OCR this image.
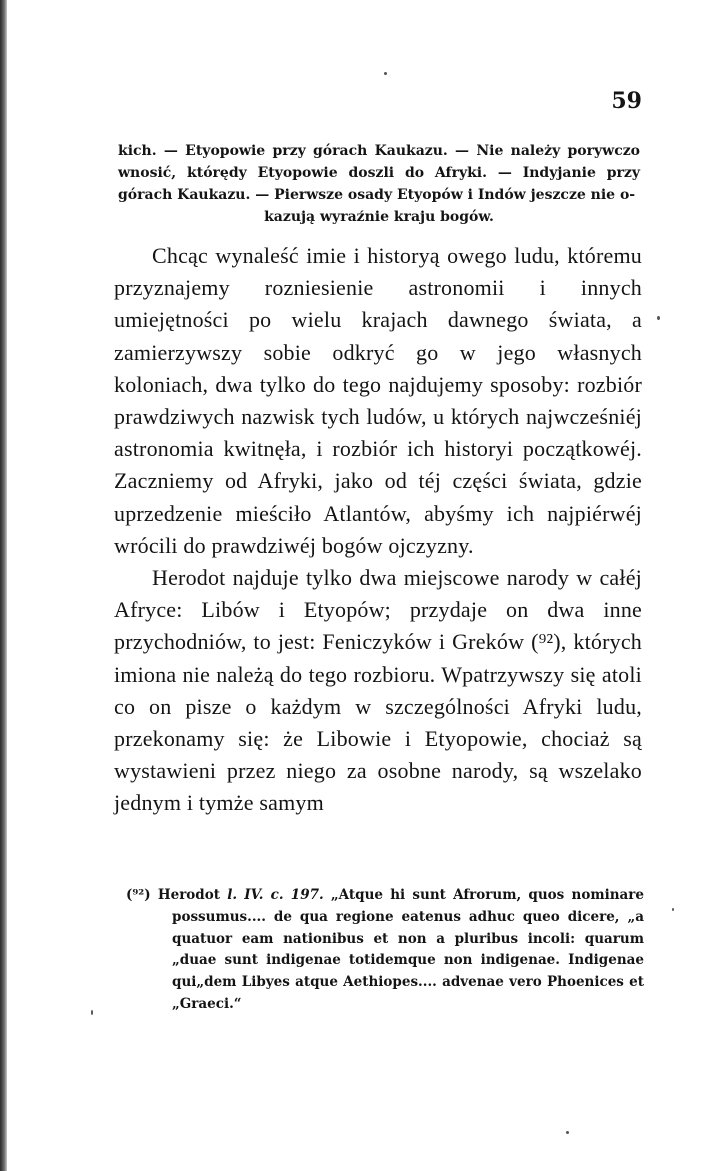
59

kich. — Etyopowie przy górach Kaukazu. — Nie należy porywczo wnosić, którędy Etyopowie doszli do Afryki. — Indyjanie przy górach Kaukazu. — Pierwsze osady Etyopów i Indów jeszcze nie o-

kazują wyraźnie kraju bogów.

Chcąc wynaleść imie i historyą owego ludu, któremu przyznajemy rozniesienie astronomii i innych umiejętności po wielu krajach dawnego świata, a zamierzywszy sobie odkryć go w jego własnych koloniach, dwa tylko do tego najdujemy sposoby: rozbiór prawdziwych nazwisk tych ludów, u których najwcześniéj astronomia kwitnęła, i rozbiór ich historyi początkowéj. Zaczniemy od Afryki, jako od téj części świata, gdzie uprzedzenie mieściło Atlantów, abyśmy ich najpiérwéj wrócili do prawdziwéj bogów ojczyzny.

Herodot najduje tylko dwa miejscowe narody w całéj Afryce: Libów i Etyopów; przydaje on dwa inne przychodniów, to jest: Feniczyków i Greków (⁹²), których imiona nie należą do tego rozbioru. Wpatrzywszy się atoli co on pisze o każdym w szczególności Afryki ludu, przekonamy się: że Libowie i Etyopowie, chociaż są wystawieni przez niego za osobne narody, są wszelako jednym i tymże samym

(⁹²) Herodot l. IV. c. 197. „Atque hi sunt Afrorum, quos nominare possumus.... de qua regione eatenus adhuc queo dicere, „a quatuor eam nationibus et non a pluribus incoli: quarum „duae sunt indigenae totidemque non indigenae. Indigenae qui„dem Libyes atque Aethiopes.... advenae vero Phoenices et „Graeci.“
